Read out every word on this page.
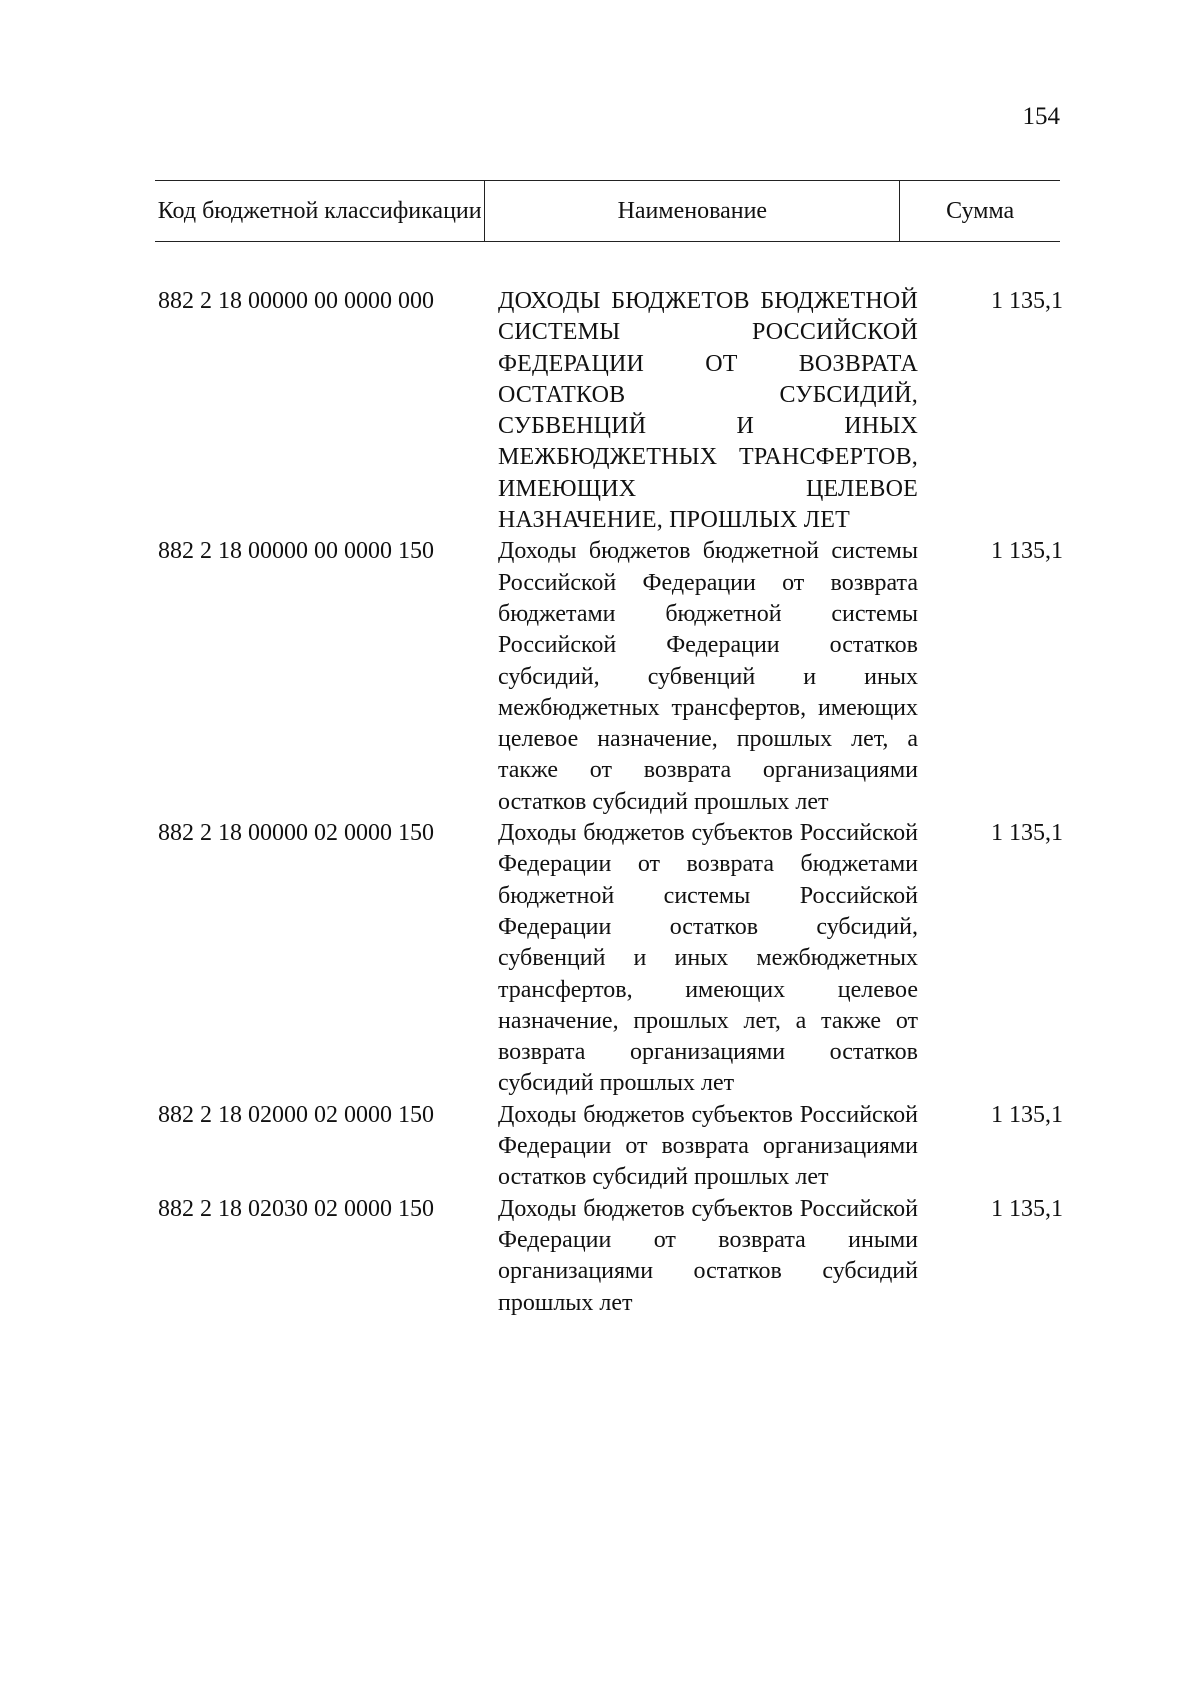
154
Код бюджетной классификации	Наименование	Сумма
882 2 18 00000 00 0000 000	ДОХОДЫ БЮДЖЕТОВ БЮДЖЕТНОЙ СИСТЕМЫ РОССИЙСКОЙ ФЕДЕРАЦИИ ОТ ВОЗВРАТА ОСТАТКОВ СУБСИДИЙ, СУБВЕНЦИЙ И ИНЫХ МЕЖБЮДЖЕТНЫХ ТРАНСФЕРТОВ, ИМЕЮЩИХ ЦЕЛЕВОЕ НАЗНАЧЕНИЕ, ПРОШЛЫХ ЛЕТ
1 135,1
882 2 18 00000 00 0000 150	Доходы бюджетов бюджетной системы Российской Федерации от возврата бюджетами бюджетной системы Российской Федерации остатков субсидий, субвенций и иных межбюджетных трансфертов, имеющих целевое назначение, прошлых лет, а также от возврата организациями остатков субсидий прошлых лет
1 135,1
882 2 18 00000 02 0000 150	Доходы бюджетов субъектов Российской Федерации от возврата бюджетами бюджетной системы Российской Федерации остатков субсидий, субвенций и иных межбюджетных трансфертов, имеющих целевое назначение, прошлых лет, а также от возврата организациями остатков субсидий прошлых лет
1 135,1
882 2 18 02000 02 0000 150	Доходы бюджетов субъектов Российской Федерации от возврата организациями остатков субсидий прошлых лет
1 135,1
882 2 18 02030 02 0000 150	Доходы бюджетов субъектов Российской Федерации от возврата иными организациями остатков субсидий прошлых лет
1 135,1
